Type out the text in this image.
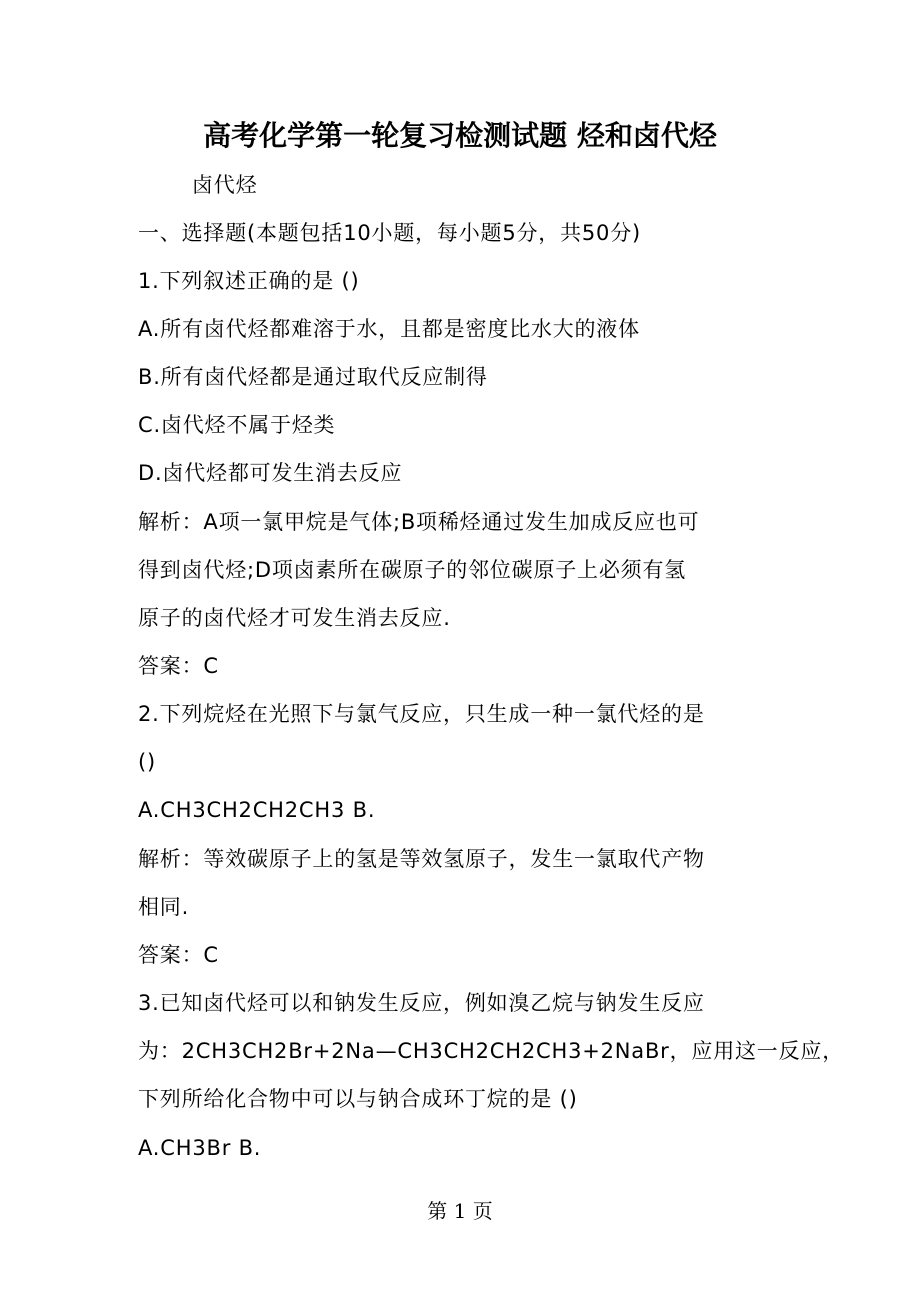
高考化学第一轮复习检测试题 烃和卤代烃
卤代烃
一、选择题(本题包括10小题，每小题5分，共50分)
1.下列叙述正确的是 ()
A.所有卤代烃都难溶于水，且都是密度比水大的液体
B.所有卤代烃都是通过取代反应制得
C.卤代烃不属于烃类
D.卤代烃都可发生消去反应
解析：A项一氯甲烷是气体;B项稀烃通过发生加成反应也可
得到卤代烃;D项卤素所在碳原子的邻位碳原子上必须有氢
原子的卤代烃才可发生消去反应.
答案：C
2.下列烷烃在光照下与氯气反应，只生成一种一氯代烃的是
()
A.CH3CH2CH2CH3 B.
解析：等效碳原子上的氢是等效氢原子，发生一氯取代产物
相同.
答案：C
3.已知卤代烃可以和钠发生反应，例如溴乙烷与钠发生反应
为：2CH3CH2Br+2Na—CH3CH2CH2CH3+2NaBr，应用这一反应，
下列所给化合物中可以与钠合成环丁烷的是 ()
A.CH3Br B.
第 1 页
